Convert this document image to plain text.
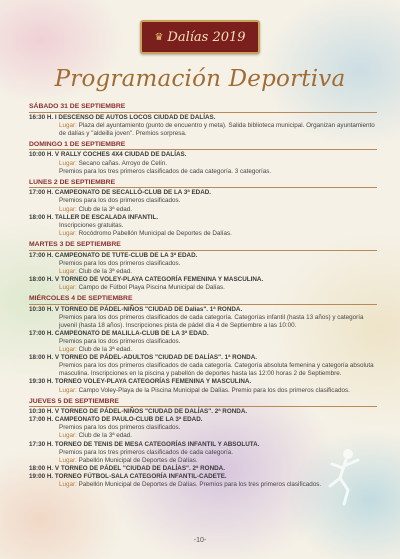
♛ Dalías 2019
Programación Deportiva
SÁBADO 31 DE SEPTIEMBRE
16:30 H. I DESCENSO DE AUTOS LOCOS CIUDAD DE DALÍAS.
Lugar: Plaza del ayuntamiento (punto de encuentro y meta). Salida biblioteca municipal. Organizan ayuntamiento de dalías y "aldeilla joven". Premios sorpresa.
DOMINGO 1 DE SEPTIEMBRE
10:00 H. V RALLY COCHES 4X4 CIUDAD DE DALÍAS.
Lugar: Secano cañas. Arroyo de Celín.
Premios para los tres primeros clasificados de cada categoría. 3 categorías.
LUNES 2 DE SEPTIEMBRE
17:00 H. CAMPEONATO DE SECALLÓ-CLUB DE LA 3ª EDAD.
Premios para los dos primeros clasificados.
Lugar: Club de la 3ª edad.
18:00 H. TALLER DE ESCALADA INFANTIL.
Inscripciones gratuitas.
Lugar: Rocódromo Pabellón Municipal de Deportes de Dalías.
MARTES 3 DE SEPTIEMBRE
17:00 H. CAMPEONATO DE TUTE-CLUB DE LA 3ª EDAD.
Premios para los dos primeros clasificados.
Lugar: Club de la 3ª edad.
18:00 H. V TORNEO DE VOLEY-PLAYA CATEGORÍA FEMENINA Y MASCULINA.
Lugar: Campo de Fútbol Playa Piscina Municipal de Dalías.
MIÉRCOLES 4 DE SEPTIEMBRE
10:30 H. V TORNEO DE PÁDEL-NIÑOS "CIUDAD DE Dalías". 1ª RONDA.
Premios para los dos primeros clasificados de cada categoría. Categorías infantil (hasta 13 años) y categoría juvenil (hasta 18 años). Inscripciones pista de pádel día 4 de Septiembre a las 10:00.
17:00 H. CAMPEONATO DE MALILLA-CLUB DE LA 3ª EDAD.
Premios para los dos primeros clasificados.
Lugar: Club de la 3ª edad.
18:00 H. V TORNEO DE PÁDEL-ADULTOS "CIUDAD DE DALÍAS". 1ª RONDA.
Premios para los dos primeros clasificados de cada categoría. Categoría absoluta femenina y categoría absoluta masculina. Inscripciones en la piscina y pabellón de deportes hasta las 12:00 horas 2 de Septiembre.
19:30 H. TORNEO VOLEY-PLAYA CATEGORÍAS FEMENINA Y MASCULINA.
Lugar: Campo Voley-Playa de la Piscina Municipal de Dalías. Premio para los dos primeros clasificados.
JUEVES 5 DE SEPTIEMBRE
10:30 H. V TORNEO DE PÁDEL-NIÑOS "CIUDAD DE DALÍAS". 2ª RONDA.
17:00 H. CAMPEONATO DE PAULO-CLUB DE LA 3ª EDAD.
Premios para los dos primeros clasificados.
Lugar: Club de la 3ª edad.
17:30 H. TORNEO DE TENIS DE MESA CATEGORÍAS INFANTIL Y ABSOLUTA.
Premios para los tres primeros clasificados de cada categoría.
Lugar: Pabellón Municipal de Deportes de Dalías.
18:00 H. V TORNEO DE PÁDEL "CIUDAD DE DALÍAS". 2ª RONDA.
19:00 H. TORNEO FÚTBOL-SALA CATEGORÍA INFANTIL-CADETE.
Lugar: Pabellón Municipal de Deportes de Dalías. Premios para los tres primeros clasificados.
-10-
